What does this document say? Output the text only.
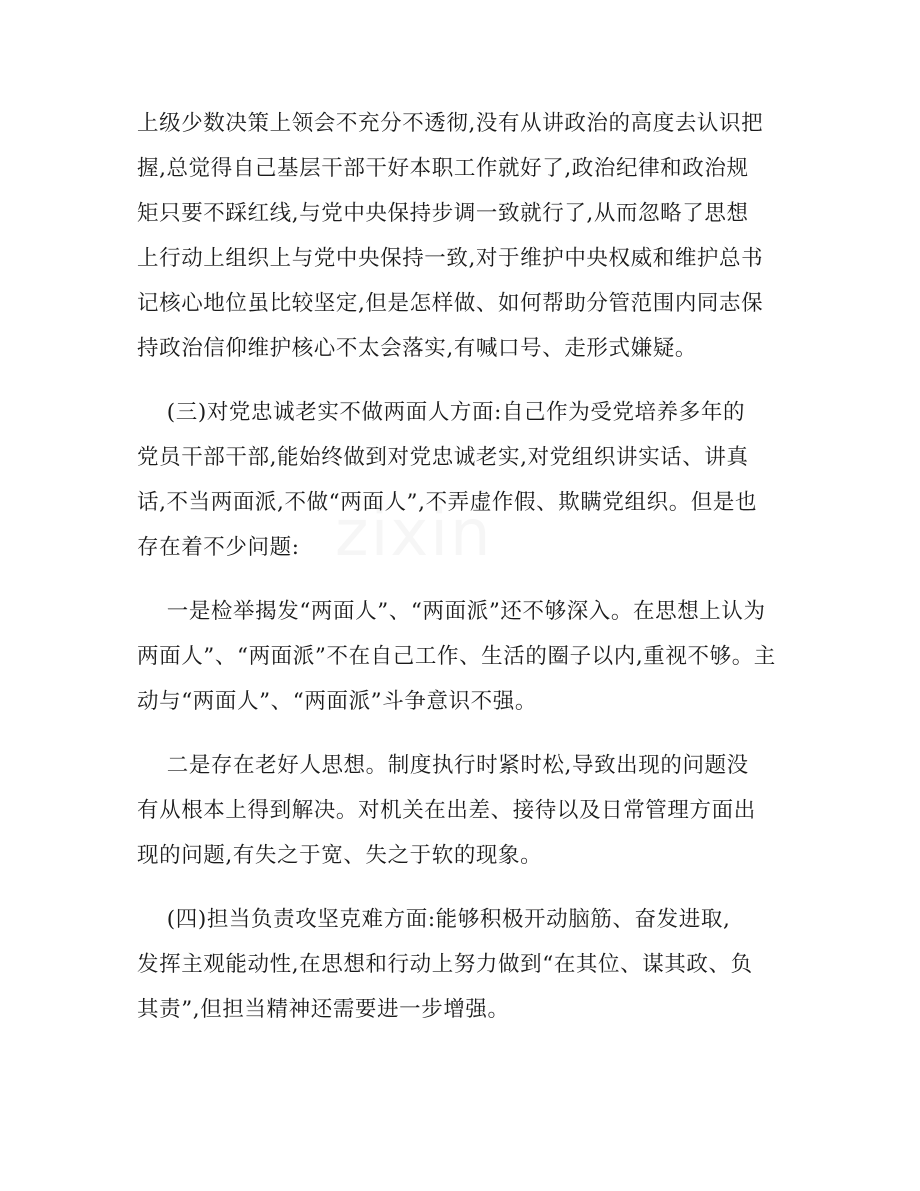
zixin

上级少数决策上领会不充分不透彻,没有从讲政治的高度去认识把
握,总觉得自己基层干部干好本职工作就好了,政治纪律和政治规
矩只要不踩红线,与党中央保持步调一致就行了,从而忽略了思想
上行动上组织上与党中央保持一致,对于维护中央权威和维护总书
记核心地位虽比较坚定,但是怎样做、如何帮助分管范围内同志保
持政治信仰维护核心不太会落实,有喊口号、走形式嫌疑。

(三)对党忠诚老实不做两面人方面:自己作为受党培养多年的
党员干部干部,能始终做到对党忠诚老实,对党组织讲实话、讲真
话,不当两面派,不做“两面人”,不弄虚作假、欺瞒党组织。但是也
存在着不少问题:

一是检举揭发“两面人”、“两面派”还不够深入。在思想上认为
两面人”、“两面派”不在自己工作、生活的圈子以内,重视不够。主
动与“两面人”、“两面派”斗争意识不强。

二是存在老好人思想。制度执行时紧时松,导致出现的问题没
有从根本上得到解决。对机关在出差、接待以及日常管理方面出
现的问题,有失之于宽、失之于软的现象。

(四)担当负责攻坚克难方面:能够积极开动脑筋、奋发进取,
发挥主观能动性,在思想和行动上努力做到“在其位、谋其政、负
其责”,但担当精神还需要进一步增强。
